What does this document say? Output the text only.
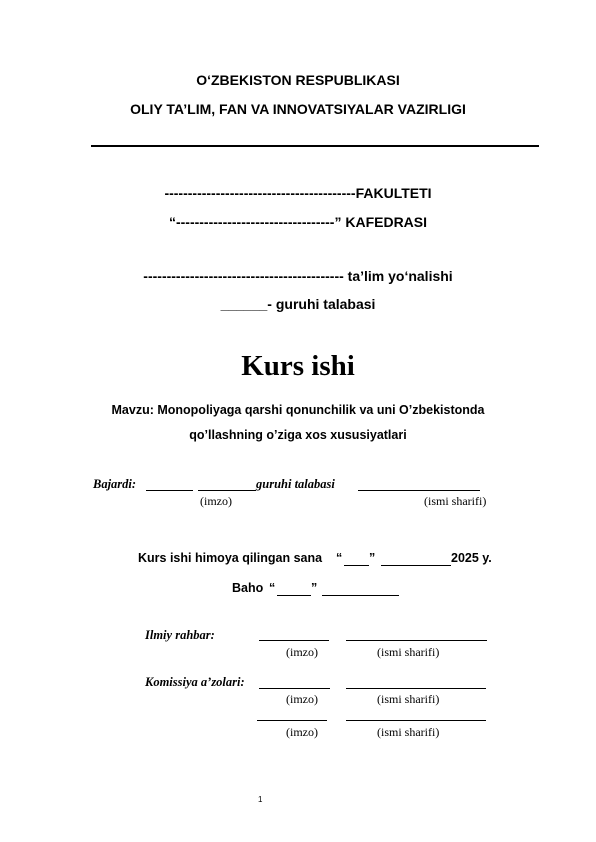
O‘ZBEKISTON RESPUBLIKASI
OLIY TA’LIM, FAN VA INNOVATSIYALAR VAZIRLIGI
-----------------------------------------FAKULTETI
“----------------------------------” KAFEDRASI
------------------------------------------- ta’lim yo‘nalishi
______- guruhi talabasi
Kurs ishi
Mavzu: Monopoliyaga qarshi qonunchilik va uni O’zbekistonda
qo’llashning o’ziga xos xususiyatlari
Bajardi:	guruhi talabasi
(imzo)	(ismi sharifi)
Kurs ishi himoya qilingan sana “ ”	2025 y.
Baho “	”
Ilmiy rahbar:
(imzo)	(ismi sharifi)
Komissiya a’zolari:
(imzo)	(ismi sharifi)
(imzo)	(ismi sharifi)
1
